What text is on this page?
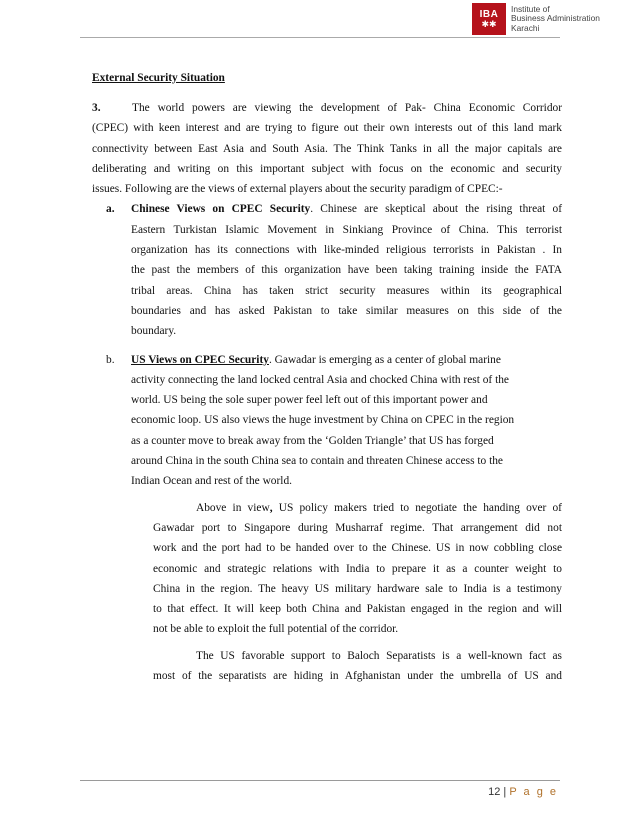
IBA
✱✱
Institute of
Business Administration
Karachi
External Security Situation
3.	The world powers are viewing the development of Pak- China Economic Corridor
(CPEC) with keen interest and are trying to figure out their own interests out of this land mark
connectivity between East Asia and South Asia. The Think Tanks in all the major capitals are
deliberating and writing on this important subject with focus on the economic and security
issues. Following are the views of external players about the security paradigm of CPEC:-
a. Chinese Views on CPEC Security. Chinese are skeptical about the rising threat of
Eastern Turkistan Islamic Movement in Sinkiang Province of China. This terrorist
organization has its connections with like-minded religious terrorists in Pakistan . In
the past the members of this organization have been taking training inside the FATA
tribal areas. China has taken strict security measures within its geographical
boundaries and has asked Pakistan to take similar measures on this side of the
boundary.
b. US Views on CPEC Security. Gawadar is emerging as a center of global marine
activity connecting the land locked central Asia and chocked China with rest of the
world. US being the sole super power feel left out of this important power and
economic loop. US also views the huge investment by China on CPEC in the region
as a counter move to break away from the ‘Golden Triangle’ that US has forged
around China in the south China sea to contain and threaten Chinese access to the
Indian Ocean and rest of the world.
Above in view, US policy makers tried to negotiate the handing over of
Gawadar port to Singapore during Musharraf regime. That arrangement did not
work and the port had to be handed over to the Chinese. US in now cobbling close
economic and strategic relations with India to prepare it as a counter weight to
China in the region. The heavy US military hardware sale to India is a testimony
to that effect. It will keep both China and Pakistan engaged in the region and will
not be able to exploit the full potential of the corridor.
The US favorable support to Baloch Separatists is a well-known fact as
most of the separatists are hiding in Afghanistan under the umbrella of US and
12 | P a g e
